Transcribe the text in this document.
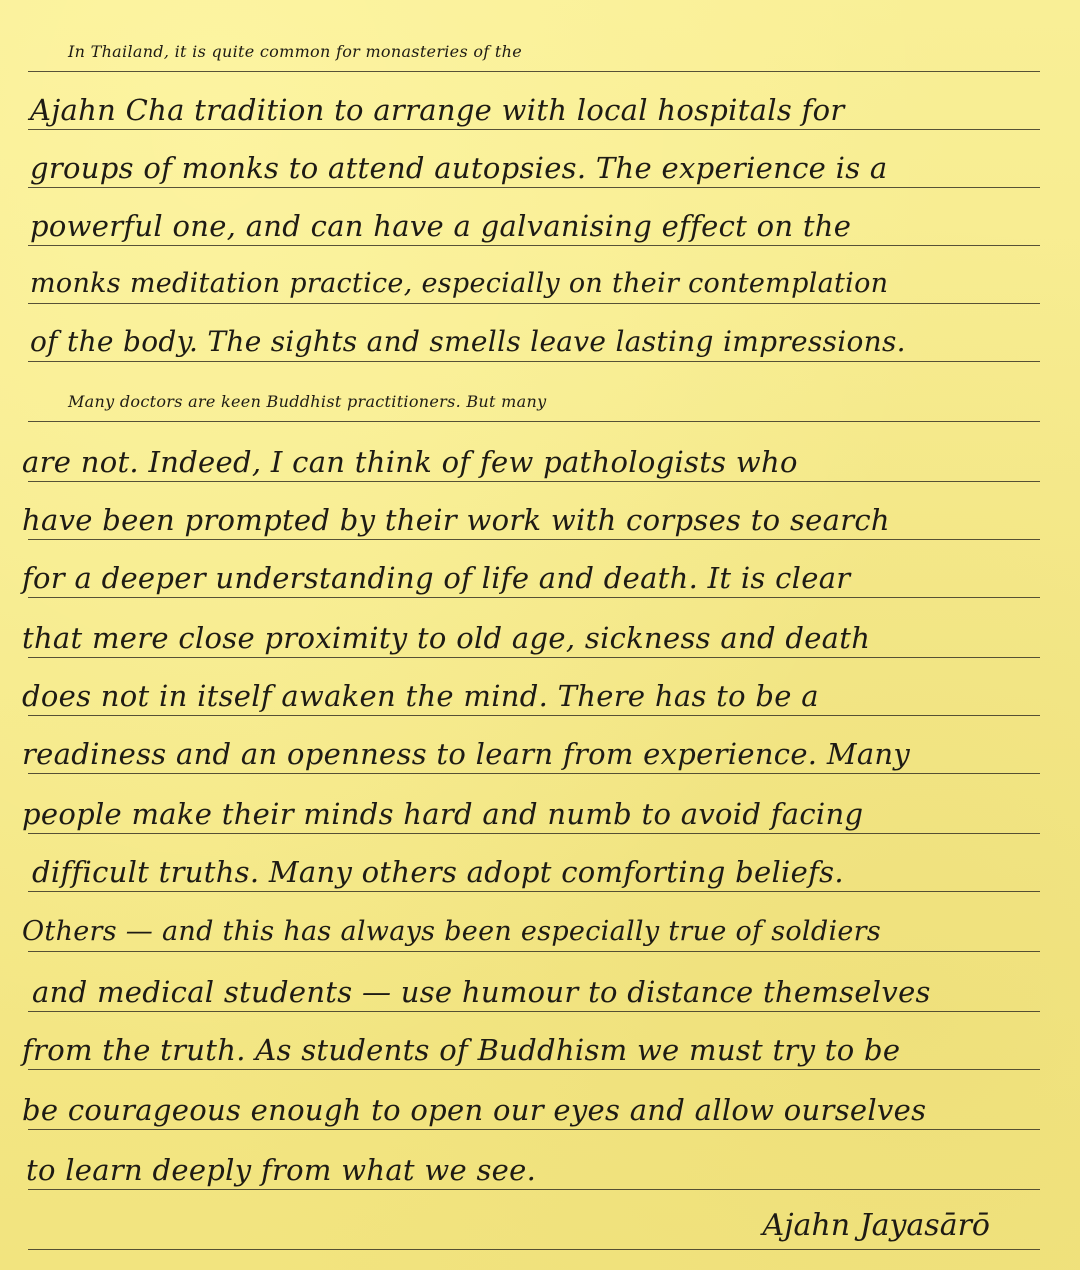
In Thailand, it is quite common for monasteries of the
Ajahn Cha tradition to arrange with local hospitals for
groups of monks to attend autopsies. The experience is a
powerful one, and can have a galvanising effect on the
monks meditation practice, especially on their contemplation
of the body. The sights and smells leave lasting impressions.
Many doctors are keen Buddhist practitioners. But many
are not. Indeed, I can think of few pathologists who
have been prompted by their work with corpses to search
for a deeper understanding of life and death. It is clear
that mere close proximity to old age, sickness and death
does not in itself awaken the mind. There has to be a
readiness and an openness to learn from experience. Many
people make their minds hard and numb to avoid facing
difficult truths. Many others adopt comforting beliefs.
Others — and this has always been especially true of soldiers
and medical students — use humour to distance themselves
from the truth. As students of Buddhism we must try to be
be courageous enough to open our eyes and allow ourselves
to learn deeply from what we see.
Ajahn Jayasārō
